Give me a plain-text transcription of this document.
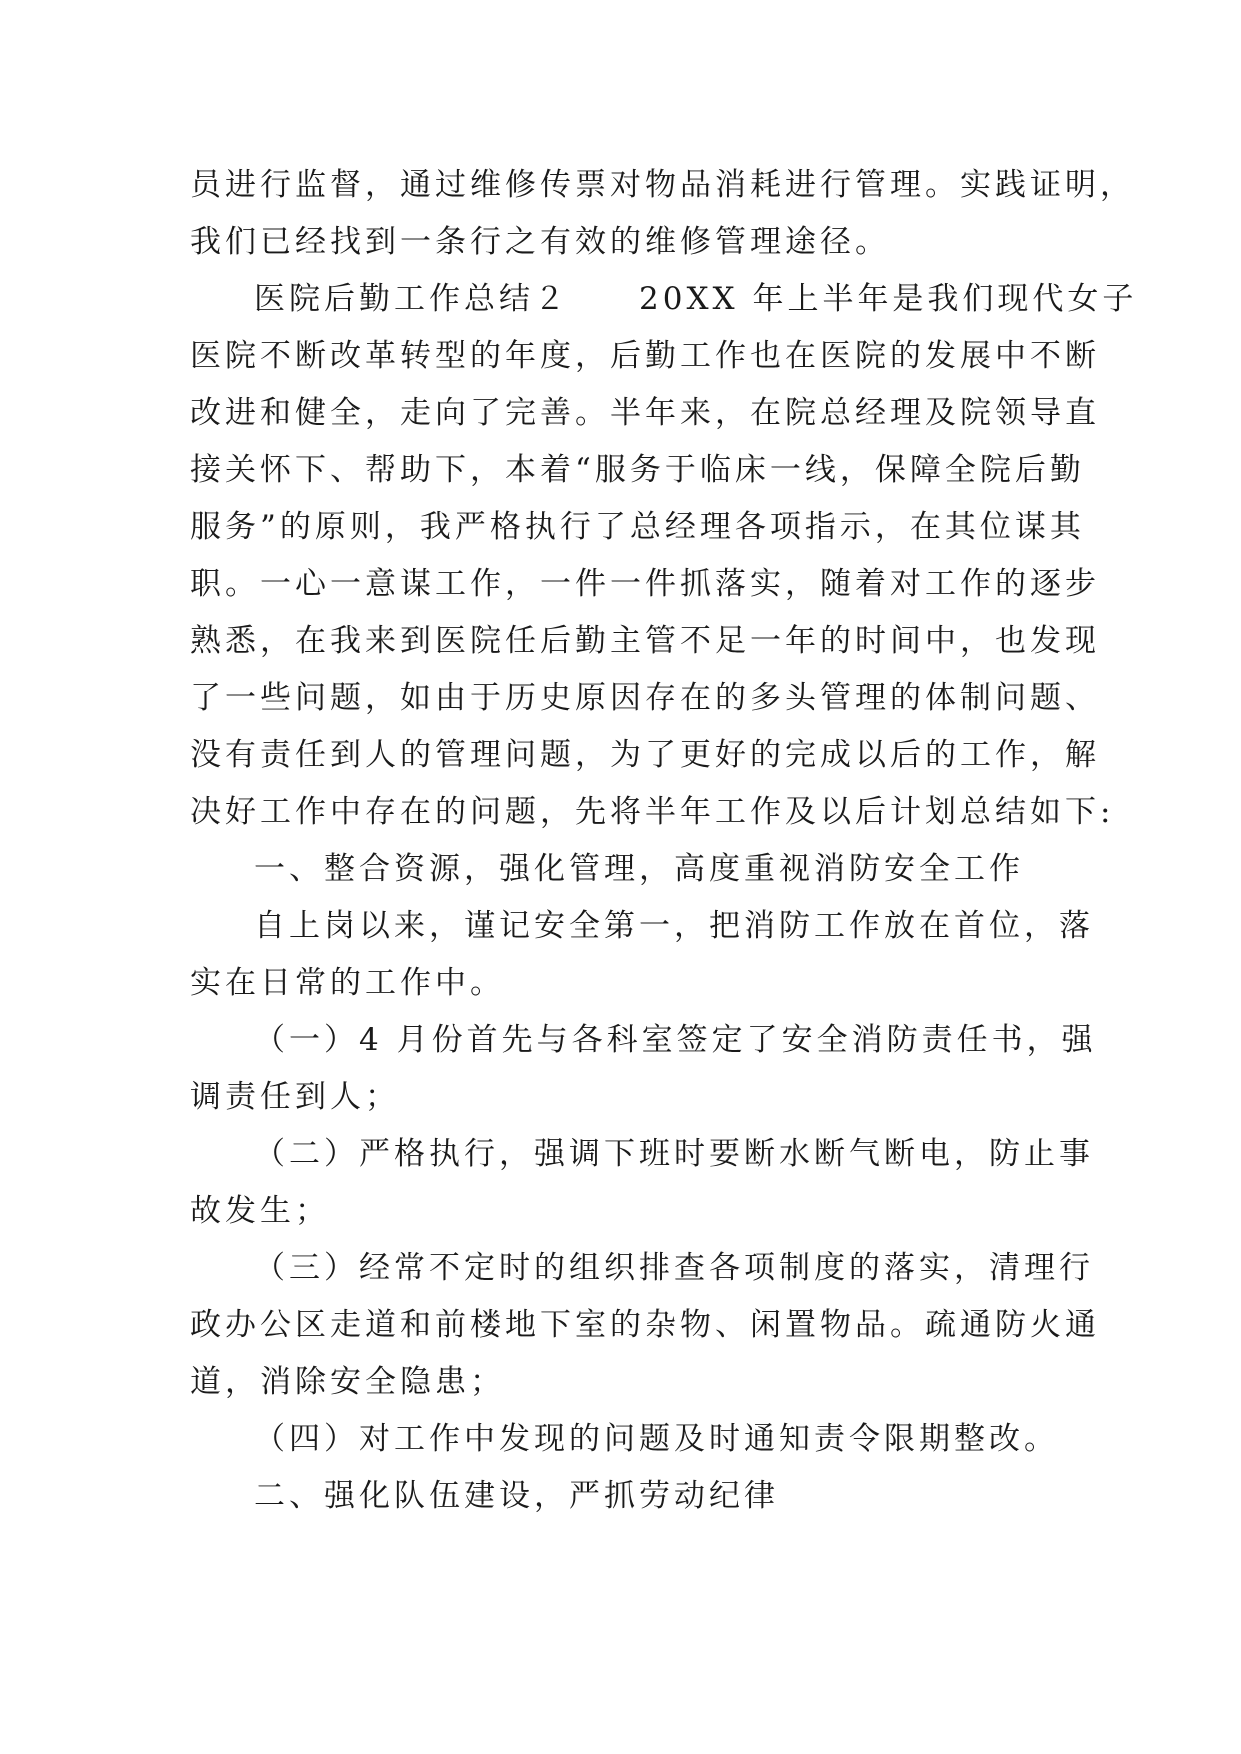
员进行监督，通过维修传票对物品消耗进行管理。实践证明，
我们已经找到一条行之有效的维修管理途径。
医院后勤工作总结２　　20XX 年上半年是我们现代女子
医院不断改革转型的年度，后勤工作也在医院的发展中不断
改进和健全，走向了完善。半年来，在院总经理及院领导直
接关怀下、帮助下，本着“服务于临床一线，保障全院后勤
服务”的原则，我严格执行了总经理各项指示，在其位谋其
职。一心一意谋工作，一件一件抓落实，随着对工作的逐步
熟悉，在我来到医院任后勤主管不足一年的时间中，也发现
了一些问题，如由于历史原因存在的多头管理的体制问题、
没有责任到人的管理问题，为了更好的完成以后的工作，解
决好工作中存在的问题，先将半年工作及以后计划总结如下:
一、整合资源，强化管理，高度重视消防安全工作
自上岗以来，谨记安全第一，把消防工作放在首位，落
实在日常的工作中。
（一）4 月份首先与各科室签定了安全消防责任书，强
调责任到人；
（二）严格执行，强调下班时要断水断气断电，防止事
故发生；
（三）经常不定时的组织排查各项制度的落实，清理行
政办公区走道和前楼地下室的杂物、闲置物品。疏通防火通
道，消除安全隐患；
（四）对工作中发现的问题及时通知责令限期整改。
二、强化队伍建设，严抓劳动纪律
